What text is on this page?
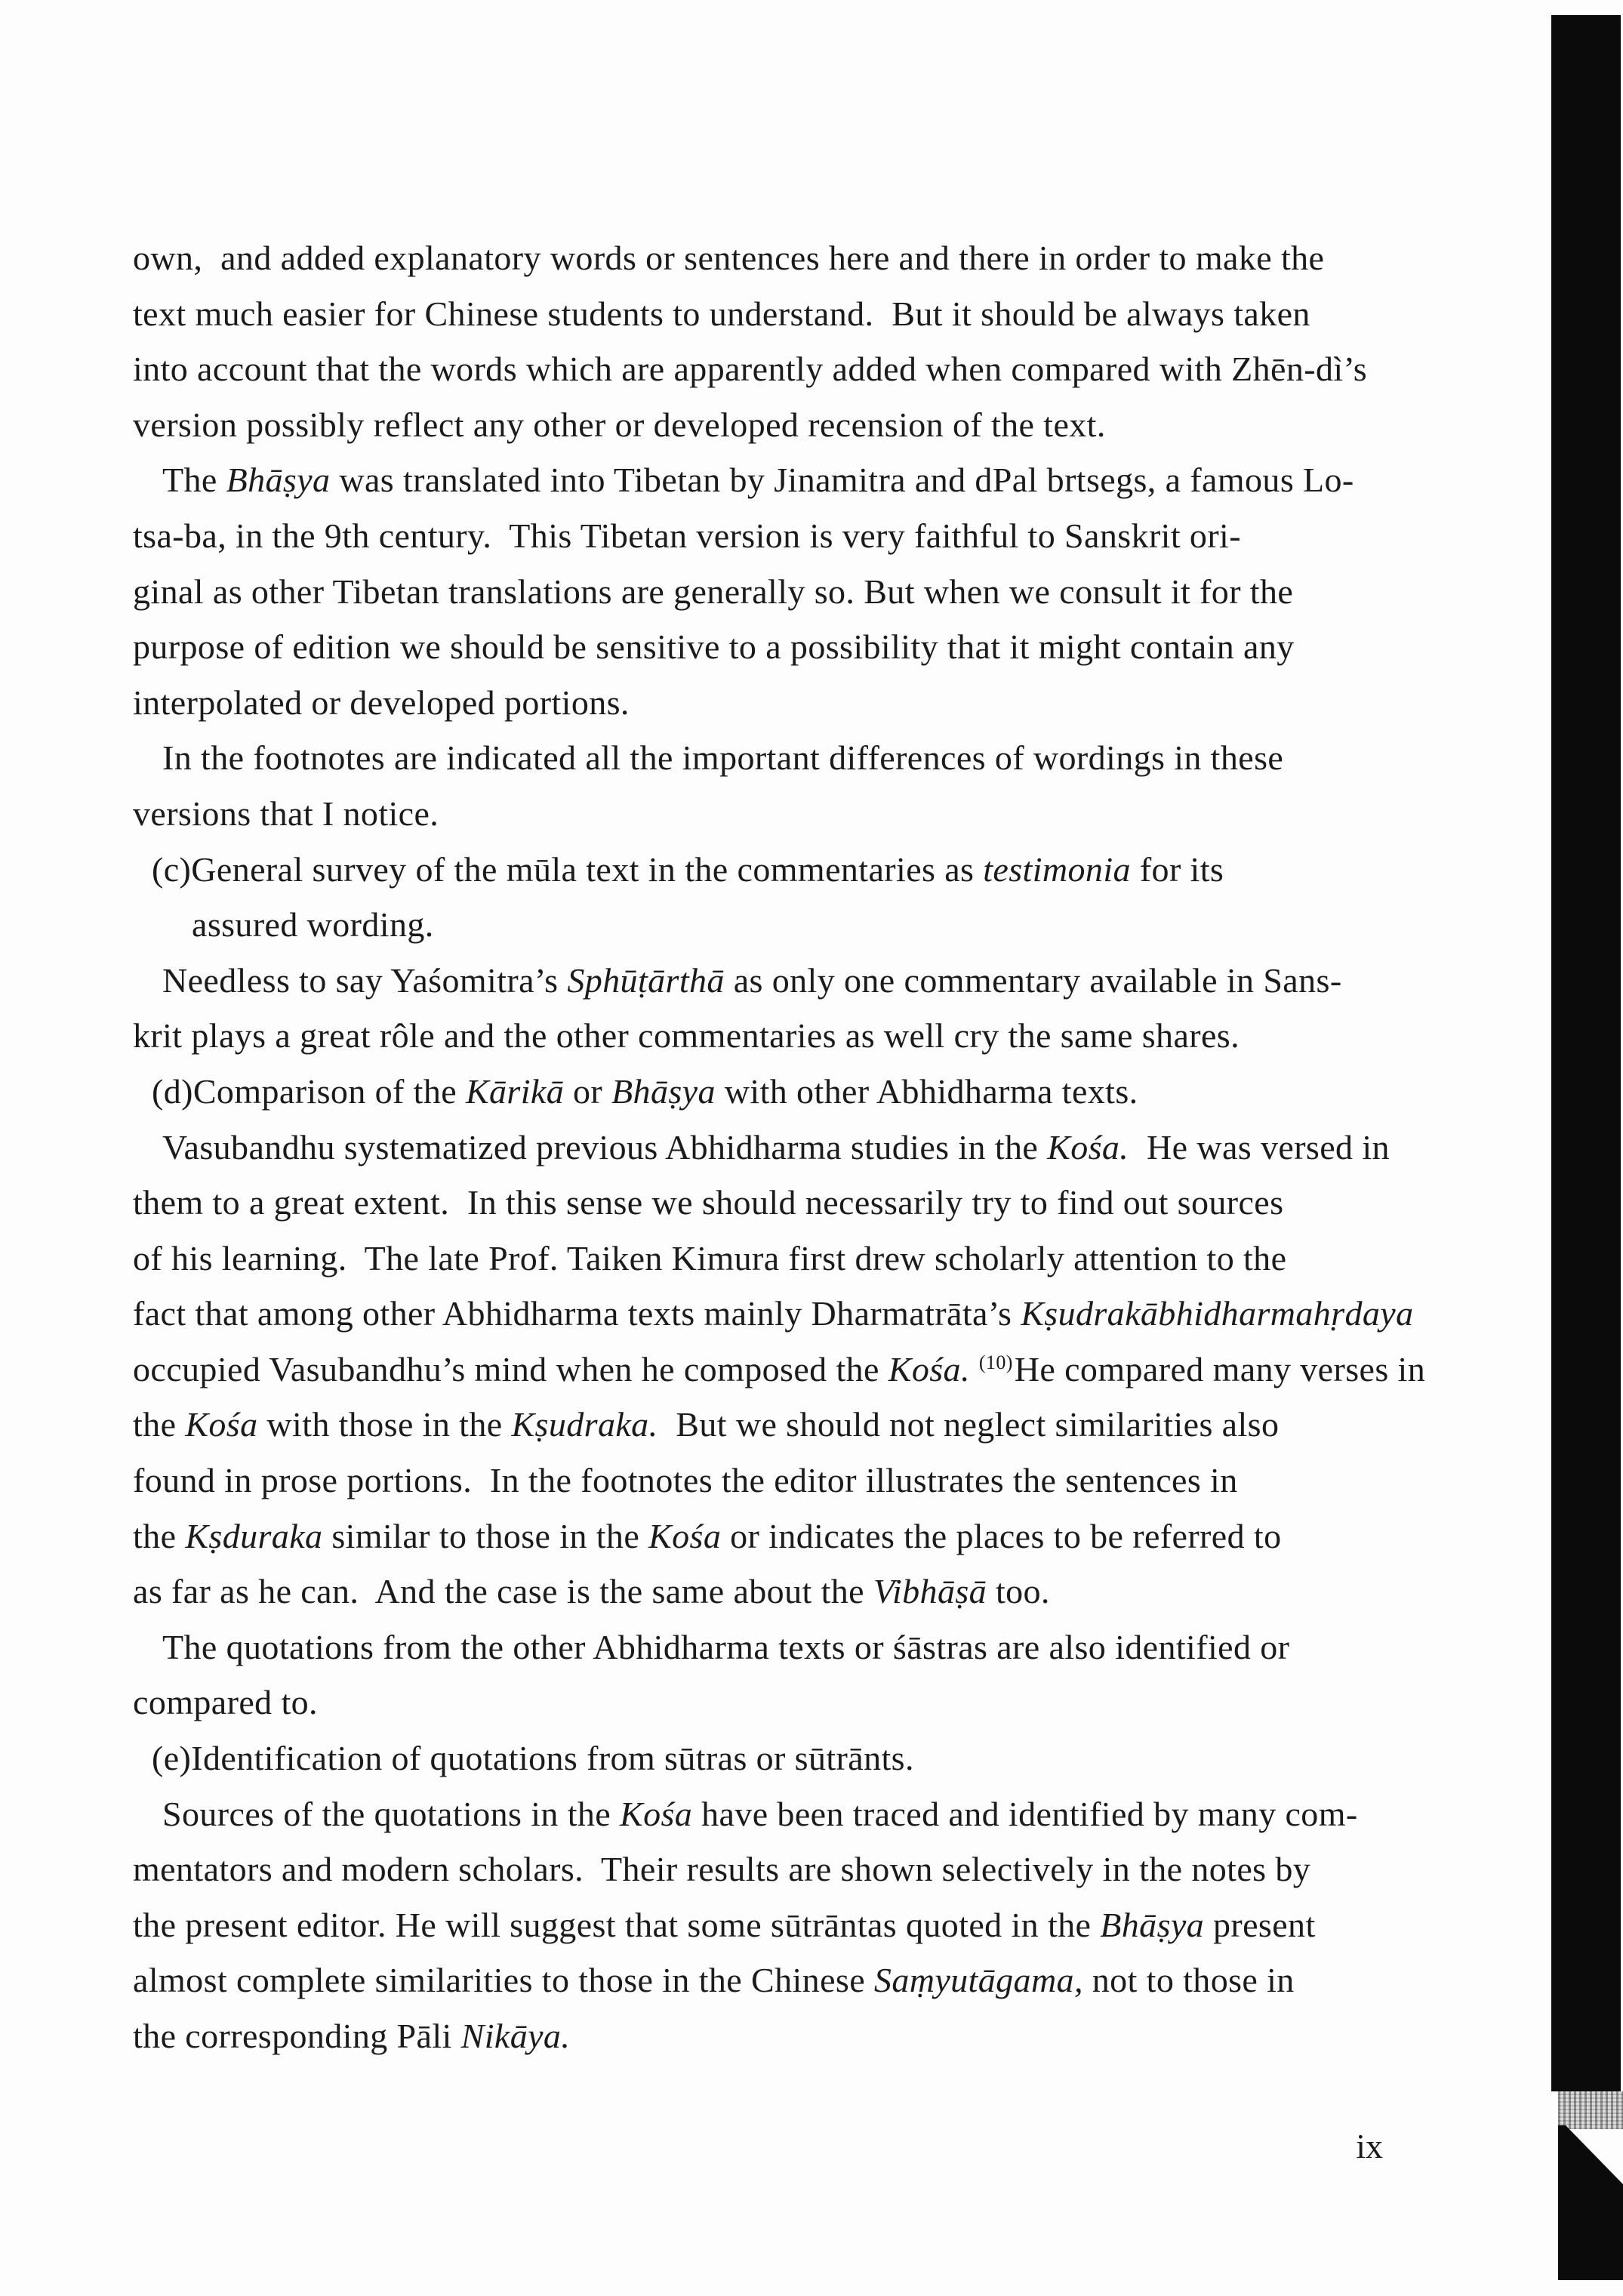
own,  and added explanatory words or sentences here and there in order to make the
text much easier for Chinese students to understand.  But it should be always taken
into account that the words which are apparently added when compared with Zhēn-dì’s
version possibly reflect any other or developed recension of the text.
The Bhāṣya was translated into Tibetan by Jinamitra and dPal brtsegs, a famous Lo-
tsa-ba, in the 9th century.  This Tibetan version is very faithful to Sanskrit ori-
ginal as other Tibetan translations are generally so. But when we consult it for the
purpose of edition we should be sensitive to a possibility that it might contain any
interpolated or developed portions.
In the footnotes are indicated all the important differences of wordings in these
versions that I notice.
(c)General survey of the mūla text in the commentaries as testimonia for its
assured wording.
Needless to say Yaśomitra’s Sphūṭārthā as only one commentary available in Sans-
krit plays a great rôle and the other commentaries as well cry the same shares.
(d)Comparison of the Kārikā or Bhāṣya with other Abhidharma texts.
Vasubandhu systematized previous Abhidharma studies in the Kośa.  He was versed in
them to a great extent.  In this sense we should necessarily try to find out sources
of his learning.  The late Prof. Taiken Kimura first drew scholarly attention to the
fact that among other Abhidharma texts mainly Dharmatrāta’s Kṣudrakābhidharmahṛdaya
occupied Vasubandhu’s mind when he composed the Kośa. $^{(10)}$He compared many verses in
the Kośa with those in the Kṣudraka.  But we should not neglect similarities also
found in prose portions.  In the footnotes the editor illustrates the sentences in
the Kṣduraka similar to those in the Kośa or indicates the places to be referred to
as far as he can.  And the case is the same about the Vibhāṣā too.
The quotations from the other Abhidharma texts or śāstras are also identified or
compared to.
(e)Identification of quotations from sūtras or sūtrānts.
Sources of the quotations in the Kośa have been traced and identified by many com-
mentators and modern scholars.  Their results are shown selectively in the notes by
the present editor. He will suggest that some sūtrāntas quoted in the Bhāṣya present
almost complete similarities to those in the Chinese Saṃyutāgama, not to those in
the corresponding Pāli Nikāya.
ix
